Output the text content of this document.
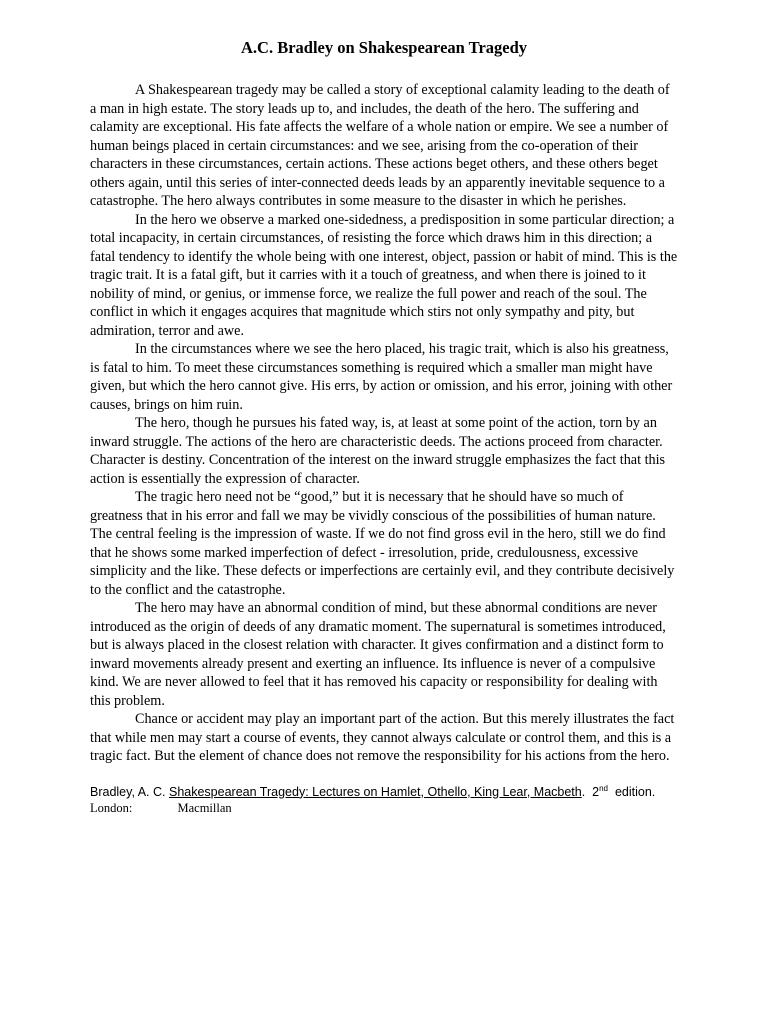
A.C. Bradley on Shakespearean Tragedy

A Shakespearean tragedy may be called a story of exceptional calamity leading to the death of a man in high estate. The story leads up to, and includes, the death of the hero. The suffering and calamity are exceptional. His fate affects the welfare of a whole nation or empire. We see a number of human beings placed in certain circumstances: and we see, arising from the co-operation of their characters in these circumstances, certain actions. These actions beget others, and these others beget others again, until this series of inter-connected deeds leads by an apparently inevitable sequence to a catastrophe. The hero always contributes in some measure to the disaster in which he perishes.

In the hero we observe a marked one-sidedness, a predisposition in some particular direction; a total incapacity, in certain circumstances, of resisting the force which draws him in this direction; a fatal tendency to identify the whole being with one interest, object, passion or habit of mind. This is the tragic trait. It is a fatal gift, but it carries with it a touch of greatness, and when there is joined to it nobility of mind, or genius, or immense force, we realize the full power and reach of the soul. The conflict in which it engages acquires that magnitude which stirs not only sympathy and pity, but admiration, terror and awe.

In the circumstances where we see the hero placed, his tragic trait, which is also his greatness, is fatal to him. To meet these circumstances something is required which a smaller man might have given, but which the hero cannot give. His errs, by action or omission, and his error, joining with other causes, brings on him ruin.

The hero, though he pursues his fated way, is, at least at some point of the action, torn by an inward struggle. The actions of the hero are characteristic deeds. The actions proceed from character. Character is destiny. Concentration of the interest on the inward struggle emphasizes the fact that this action is essentially the expression of character.

The tragic hero need not be “good,” but it is necessary that he should have so much of greatness that in his error and fall we may be vividly conscious of the possibilities of human nature. The central feeling is the impression of waste. If we do not find gross evil in the hero, still we do find that he shows some marked imperfection of defect - irresolution, pride, credulousness, excessive simplicity and the like. These defects or imperfections are certainly evil, and they contribute decisively to the conflict and the catastrophe.

The hero may have an abnormal condition of mind, but these abnormal conditions are never introduced as the origin of deeds of any dramatic moment. The supernatural is sometimes introduced, but is always placed in the closest relation with character. It gives confirmation and a distinct form to inward movements already present and exerting an influence. Its influence is never of a compulsive kind. We are never allowed to feel that it has removed his capacity or responsibility for dealing with this problem.

Chance or accident may play an important part of the action. But this merely illustrates the fact that while men may start a course of events, they cannot always calculate or control them, and this is a tragic fact. But the element of chance does not remove the responsibility for his actions from the hero.

Bradley, A. C. Shakespearean Tragedy: Lectures on Hamlet, Othello, King Lear, Macbeth.  2nd edition.
London:	Macmillan
